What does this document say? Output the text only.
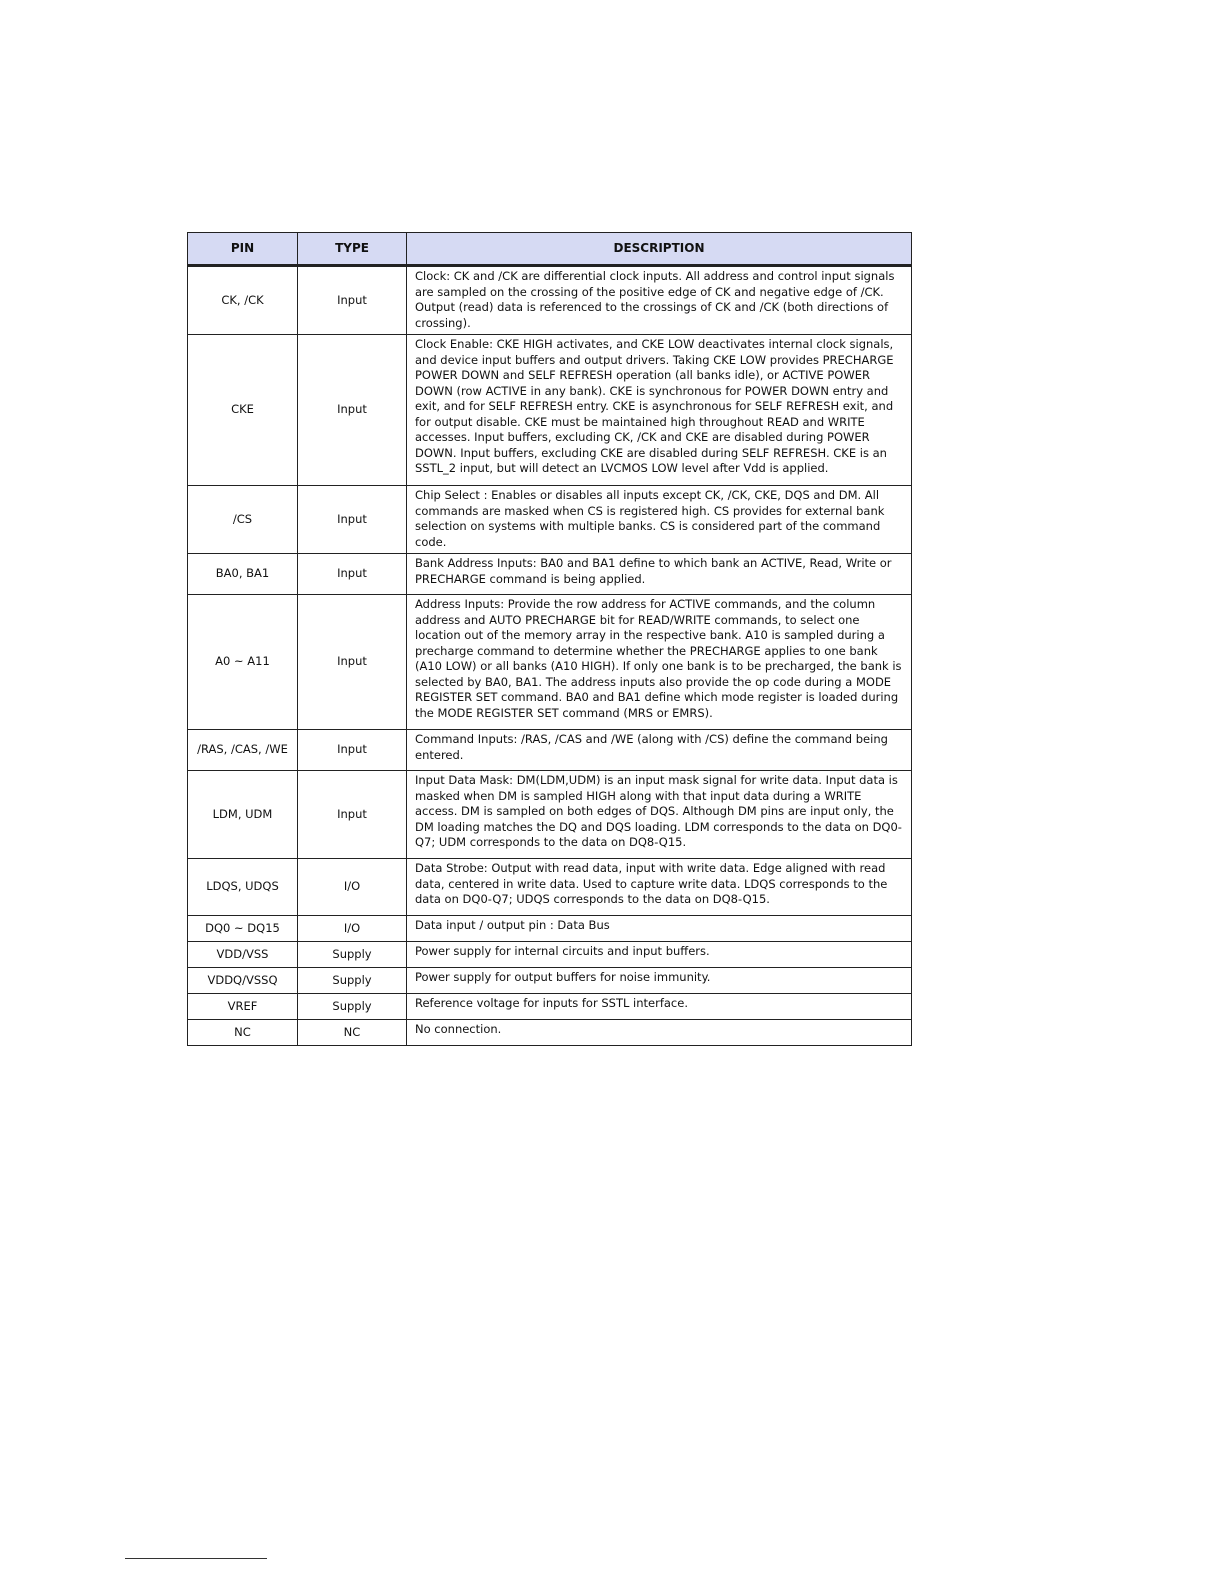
PIN	TYPE	DESCRIPTION
CK, /CK	Input	Clock: CK and /CK are differential clock inputs. All address and control input signals are sampled on the crossing of the positive edge of CK and negative edge of /CK. Output (read) data is referenced to the crossings of CK and /CK (both directions of crossing).
CKE	Input	Clock Enable: CKE HIGH activates, and CKE LOW deactivates internal clock signals, and device input buffers and output drivers. Taking CKE LOW provides PRECHARGE POWER DOWN and SELF REFRESH operation (all banks idle), or ACTIVE POWER DOWN (row ACTIVE in any bank). CKE is synchronous for POWER DOWN entry and exit, and for SELF REFRESH entry. CKE is asynchronous for SELF REFRESH exit, and for output disable. CKE must be maintained high throughout READ and WRITE accesses. Input buffers, excluding CK, /CK and CKE are disabled during POWER DOWN. Input buffers, excluding CKE are disabled during SELF REFRESH. CKE is an SSTL_2 input, but will detect an LVCMOS LOW level after Vdd is applied.
/CS	Input	Chip Select : Enables or disables all inputs except CK, /CK, CKE, DQS and DM. All commands are masked when CS is registered high. CS provides for external bank selection on systems with multiple banks. CS is considered part of the command code.
BA0, BA1	Input	Bank Address Inputs: BA0 and BA1 define to which bank an ACTIVE, Read, Write or PRECHARGE command is being applied.
A0 ~ A11	Input	Address Inputs: Provide the row address for ACTIVE commands, and the column address and AUTO PRECHARGE bit for READ/WRITE commands, to select one location out of the memory array in the respective bank. A10 is sampled during a precharge command to determine whether the PRECHARGE applies to one bank (A10 LOW) or all banks (A10 HIGH). If only one bank is to be precharged, the bank is selected by BA0, BA1. The address inputs also provide the op code during a MODE REGISTER SET command. BA0 and BA1 define which mode register is loaded during the MODE REGISTER SET command (MRS or EMRS).
/RAS, /CAS, /WE	Input	Command Inputs: /RAS, /CAS and /WE (along with /CS) define the command being entered.
LDM, UDM	Input	Input Data Mask: DM(LDM,UDM) is an input mask signal for write data. Input data is masked when DM is sampled HIGH along with that input data during a WRITE access. DM is sampled on both edges of DQS. Although DM pins are input only, the DM loading matches the DQ and DQS loading. LDM corresponds to the data on DQ0-Q7; UDM corresponds to the data on DQ8-Q15.
LDQS, UDQS	I/O	Data Strobe: Output with read data, input with write data. Edge aligned with read data, centered in write data. Used to capture write data. LDQS corresponds to the data on DQ0-Q7; UDQS corresponds to the data on DQ8-Q15.
DQ0 ~ DQ15	I/O	Data input / output pin : Data Bus
VDD/VSS	Supply	Power supply for internal circuits and input buffers.
VDDQ/VSSQ	Supply	Power supply for output buffers for noise immunity.
VREF	Supply	Reference voltage for inputs for SSTL interface.
NC	NC	No connection.
